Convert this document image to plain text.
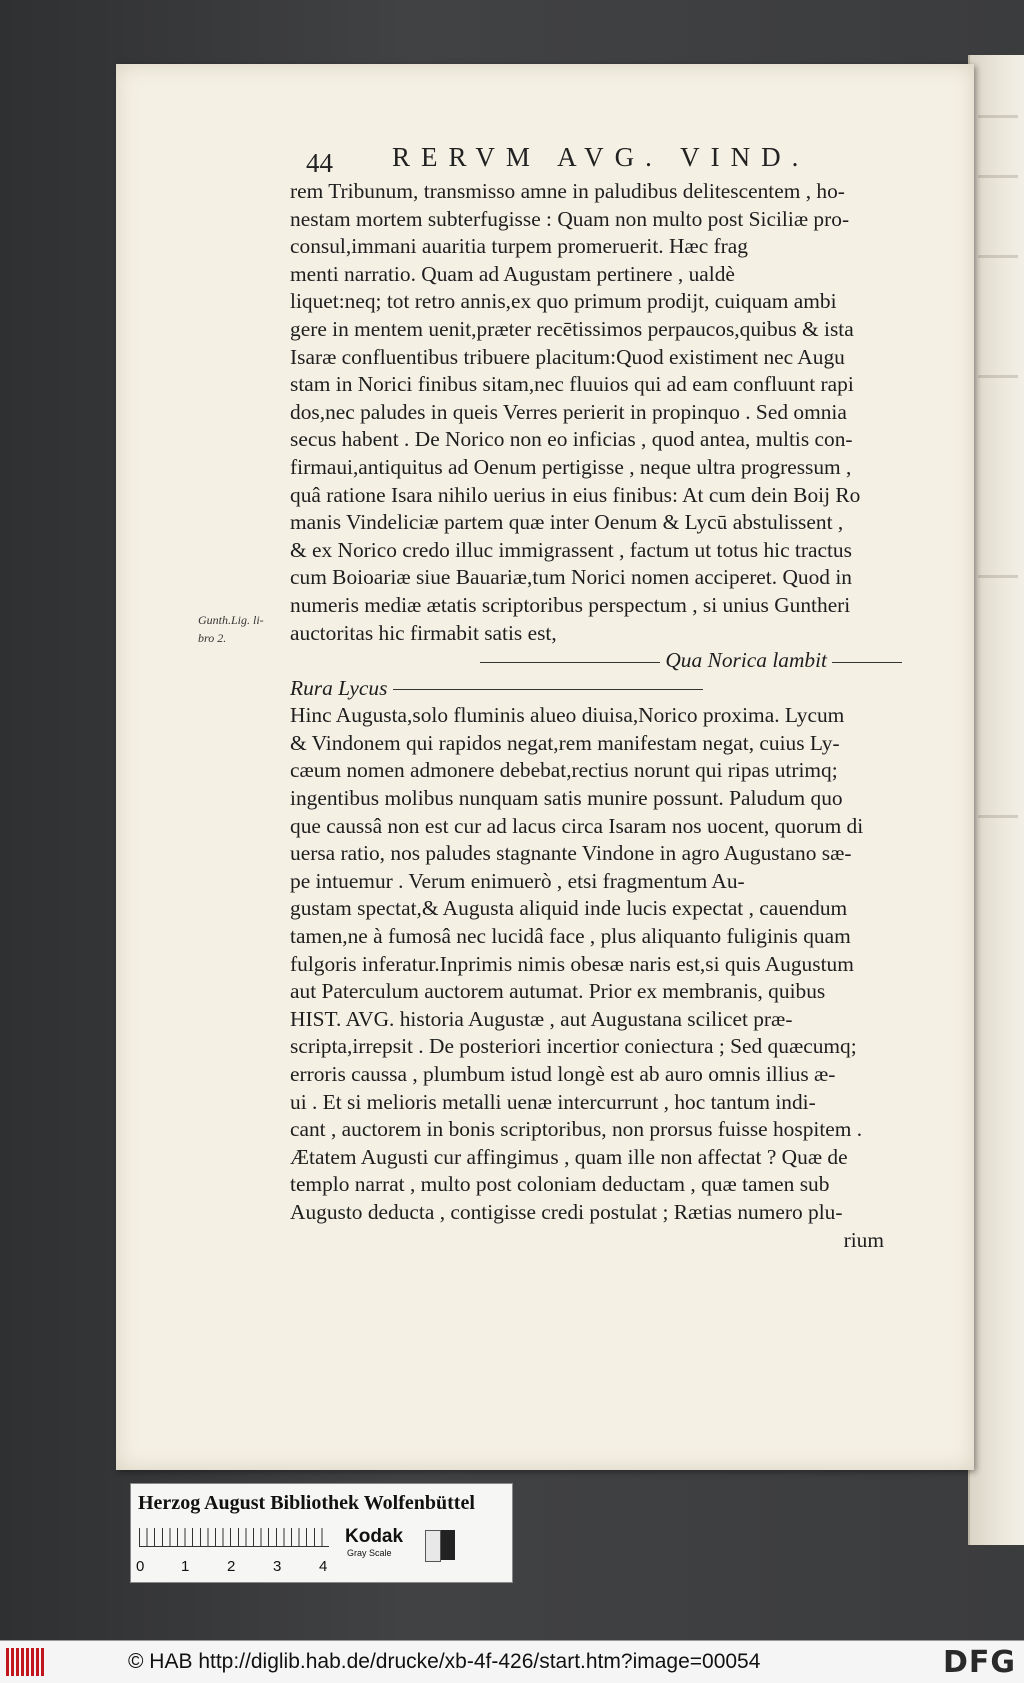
44 RERVM AVG. VIND.
Gunth.Lig. li-
bro 2.
rem Tribunum, transmisso amne in paludibus delitescentem , ho-
nestam mortem subterfugisse : Quam non multo post Siciliæ pro-
consul,immani auaritia turpem promeruerit. Hæc frag
menti narratio. Quam ad Augustam pertinere , ualdè
liquet:neq; tot retro annis,ex quo primum prodijt, cuiquam ambi
gere in mentem uenit,præter recētissimos perpaucos,quibus & ista
Isaræ confluentibus tribuere placitum:Quod existiment nec Augu
stam in Norici finibus sitam,nec fluuios qui ad eam confluunt rapi
dos,nec paludes in queis Verres perierit in propinquo . Sed omnia
secus habent . De Norico non eo inficias , quod antea, multis con-
firmaui,antiquitus ad Oenum pertigisse , neque ultra progressum ,
quâ ratione Isara nihilo uerius in eius finibus: At cum dein Boij Ro
manis Vindeliciæ partem quæ inter Oenum & Lycū abstulissent ,
& ex Norico credo illuc immigrassent , factum ut totus hic tractus
cum Boioariæ siue Bauariæ,tum Norici nomen acciperet. Quod in
numeris mediæ ætatis scriptoribus perspectum , si unius Guntheri
auctoritas hic firmabit satis est,
Qua Norica lambit
Rura Lycus
Hinc Augusta,solo fluminis alueo diuisa,Norico proxima. Lycum
& Vindonem qui rapidos negat,rem manifestam negat, cuius Ly-
cæum nomen admonere debebat,rectius norunt qui ripas utrimq;
ingentibus molibus nunquam satis munire possunt. Paludum quo
que caussâ non est cur ad lacus circa Isaram nos uocent, quorum di
uersa ratio, nos paludes stagnante Vindone in agro Augustano sæ-
pe intuemur . Verum enimuerò , etsi fragmentum Au-
gustam spectat,& Augusta aliquid inde lucis expectat , cauendum
tamen,ne à fumosâ nec lucidâ face , plus aliquanto fuliginis quam
fulgoris inferatur.Inprimis nimis obesæ naris est,si quis Augustum
aut Paterculum auctorem autumat. Prior ex membranis, quibus
HIST. AVG. historia Augustæ , aut Augustana scilicet præ-
scripta,irrepsit . De posteriori incertior coniectura ; Sed quæcumq;
erroris caussa , plumbum istud longè est ab auro omnis illius æ-
ui . Et si melioris metalli uenæ intercurrunt , hoc tantum indi-
cant , auctorem in bonis scriptoribus, non prorsus fuisse hospitem .
Ætatem Augusti cur affingimus , quam ille non affectat ? Quæ de
templo narrat , multo post coloniam deductam , quæ tamen sub
Augusto deducta , contigisse credi postulat ; Rætias numero plu-
rium
Herzog August Bibliothek Wolfenbüttel
0 1	2	3	4
Kodak
Gray Scale
© HAB http://diglib.hab.de/drucke/xb-4f-426/start.htm?image=00054	DFG
